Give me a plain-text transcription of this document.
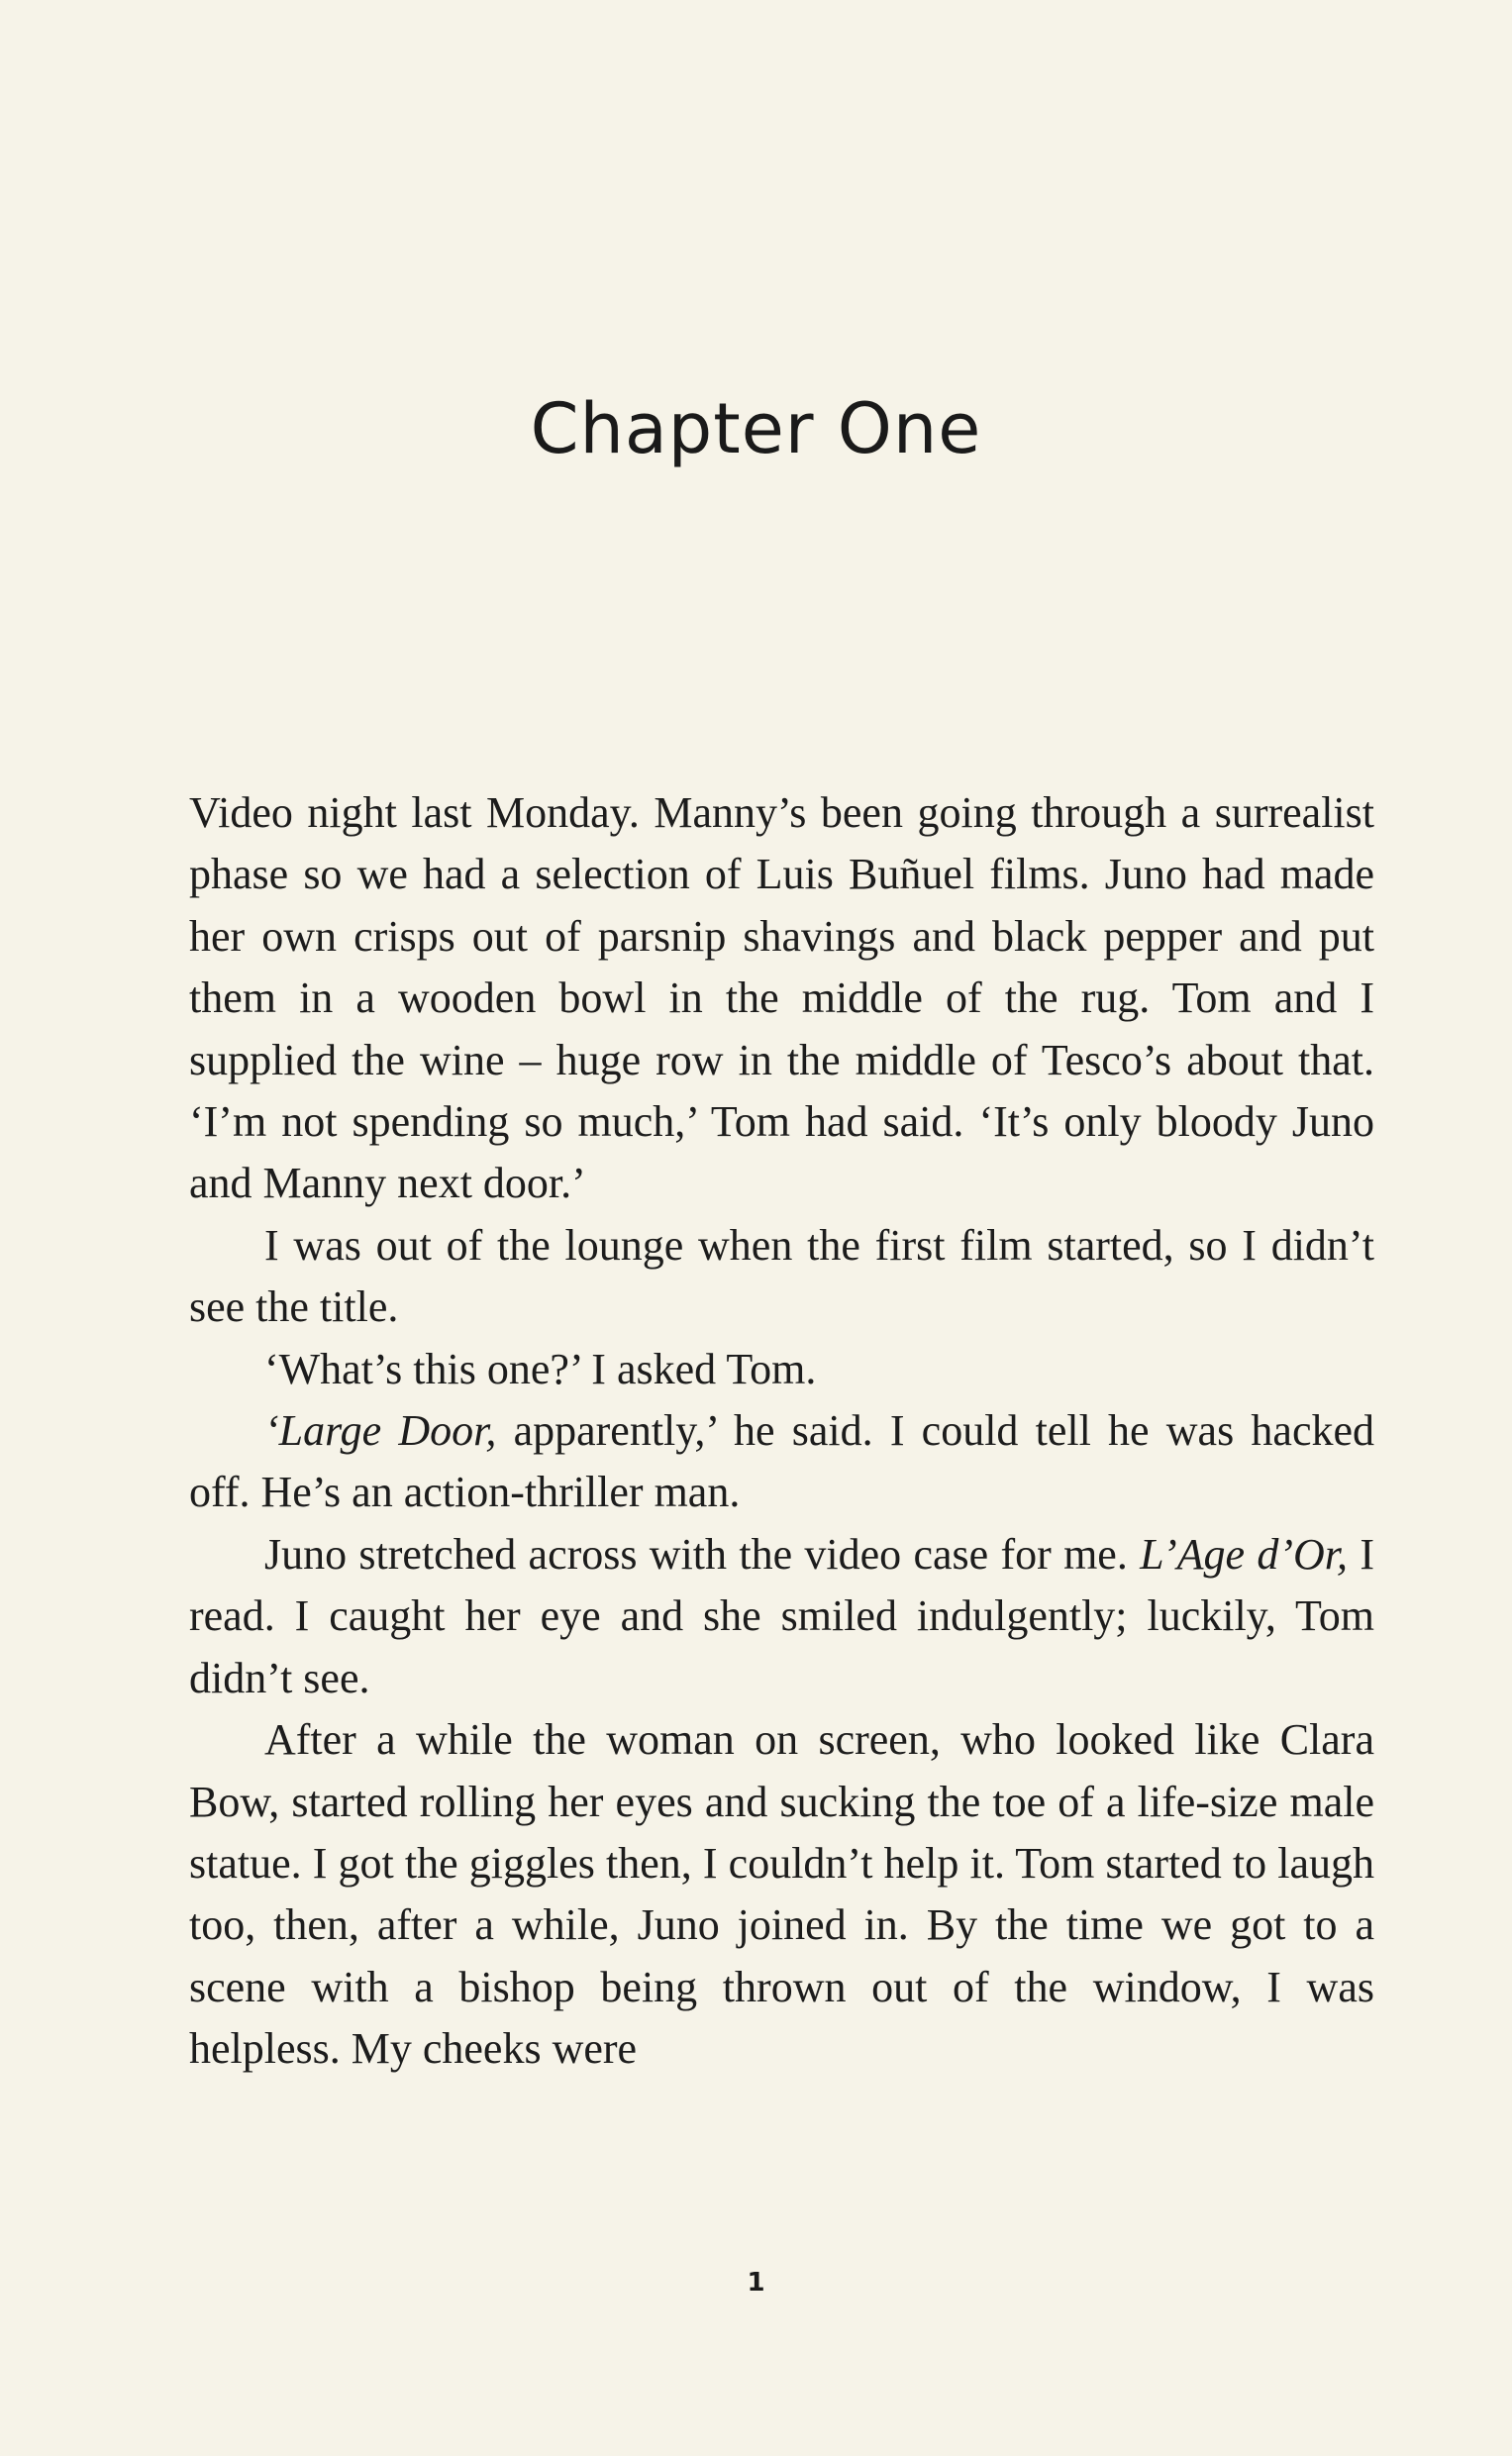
Chapter One

Video night last Monday. Manny’s been going through a surrealist phase so we had a selection of Luis Buñuel films. Juno had made her own crisps out of parsnip shavings and black pepper and put them in a wooden bowl in the middle of the rug. Tom and I supplied the wine – huge row in the middle of Tesco’s about that. ‘I’m not spending so much,’ Tom had said. ‘It’s only bloody Juno and Manny next door.’

I was out of the lounge when the first film started, so I didn’t see the title.

‘What’s this one?’ I asked Tom.

‘Large Door, apparently,’ he said. I could tell he was hacked off. He’s an action-thriller man.

Juno stretched across with the video case for me. L’Age d’Or, I read. I caught her eye and she smiled indulgently; luckily, Tom didn’t see.

After a while the woman on screen, who looked like Clara Bow, started rolling her eyes and sucking the toe of a life-size male statue. I got the giggles then, I couldn’t help it. Tom started to laugh too, then, after a while, Juno joined in. By the time we got to a scene with a bishop being thrown out of the window, I was helpless. My cheeks were

1
